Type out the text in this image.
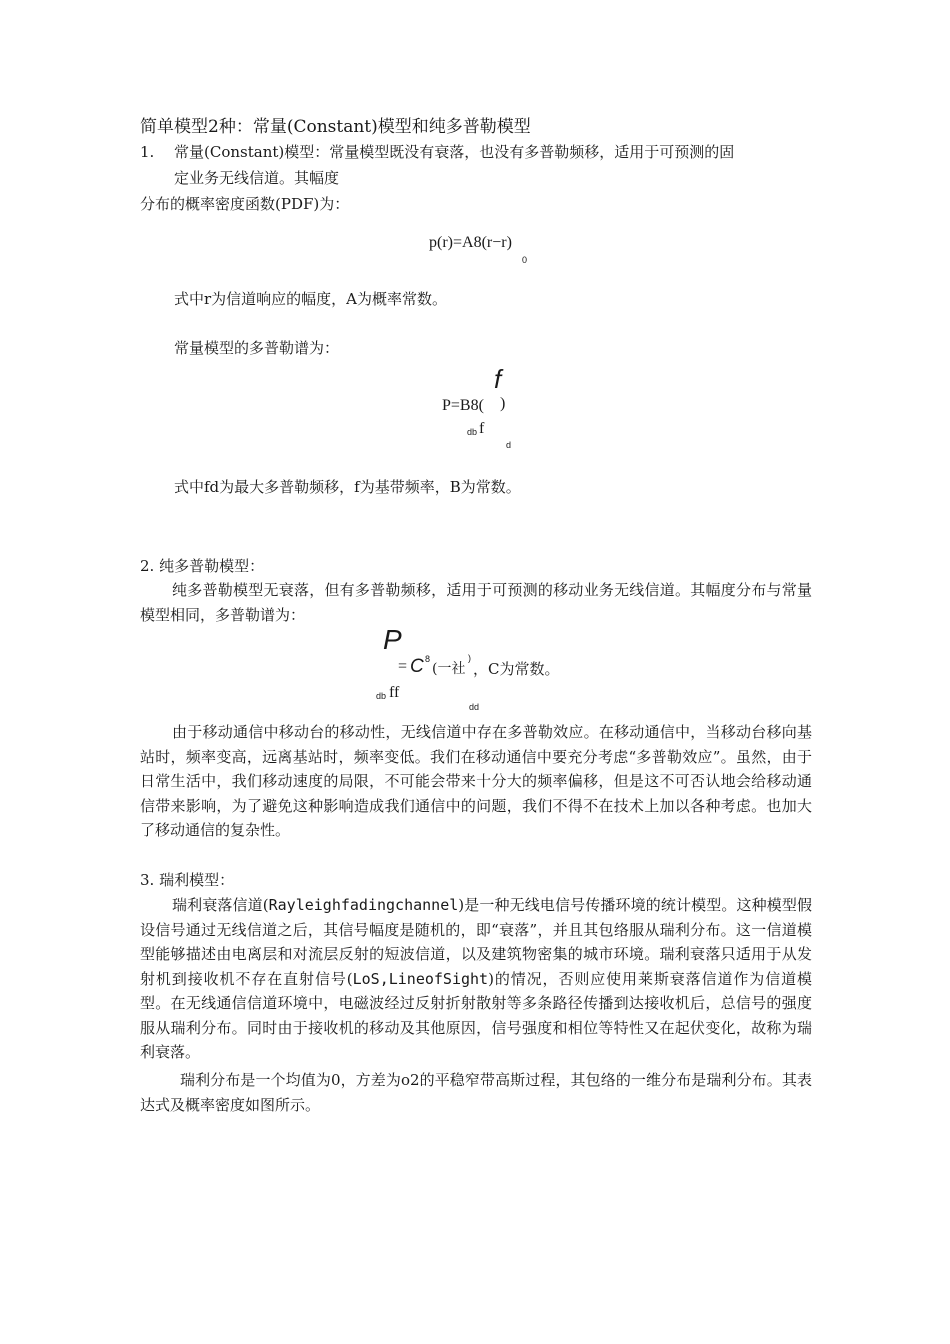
简单模型2种：常量(Constant)模型和纯多普勒模型
1. 常量(Constant)模型：常量模型既没有衰落，也没有多普勒频移，适用于可预测的固
定业务无线信道。其幅度
分布的概率密度函数(PDF)为：
p(r)=A8(r−r)
0
式中r为信道响应的幅度，A为概率常数。
常量模型的多普勒谱为：
f
P=B8( )
db f
d
式中fd为最大多普勒频移，f为基带频率，B为常数。
2. 纯多普勒模型：
纯多普勒模型无衰落，但有多普勒频移，适用于可预测的移动业务无线信道。其幅度分布与常量模型相同，多普勒谱为：
P
= C 8
(一社
)
，C为常数。
db ff
dd
由于移动通信中移动台的移动性，无线信道中存在多普勒效应。在移动通信中，当移动台移向基站时，频率变高，远离基站时，频率变低。我们在移动通信中要充分考虑“多普勒效应”。虽然，由于日常生活中，我们移动速度的局限，不可能会带来十分大的频率偏移，但是这不可否认地会给移动通信带来影响，为了避免这种影响造成我们通信中的问题，我们不得不在技术上加以各种考虑。也加大了移动通信的复杂性。
3. 瑞利模型：
瑞利衰落信道(Rayleighfadingchannel)是一种无线电信号传播环境的统计模型。这种模型假设信号通过无线信道之后，其信号幅度是随机的，即“衰落”，并且其包络服从瑞利分布。这一信道模型能够描述由电离层和对流层反射的短波信道，以及建筑物密集的城市环境。瑞利衰落只适用于从发射机到接收机不存在直射信号(LoS,LineofSight)的情况，否则应使用莱斯衰落信道作为信道模型。在无线通信信道环境中，电磁波经过反射折射散射等多条路径传播到达接收机后，总信号的强度服从瑞利分布。同时由于接收机的移动及其他原因，信号强度和相位等特性又在起伏变化，故称为瑞利衰落。
瑞利分布是一个均值为0，方差为o2的平稳窄带高斯过程，其包络的一维分布是瑞利分布。其表达式及概率密度如图所示。
